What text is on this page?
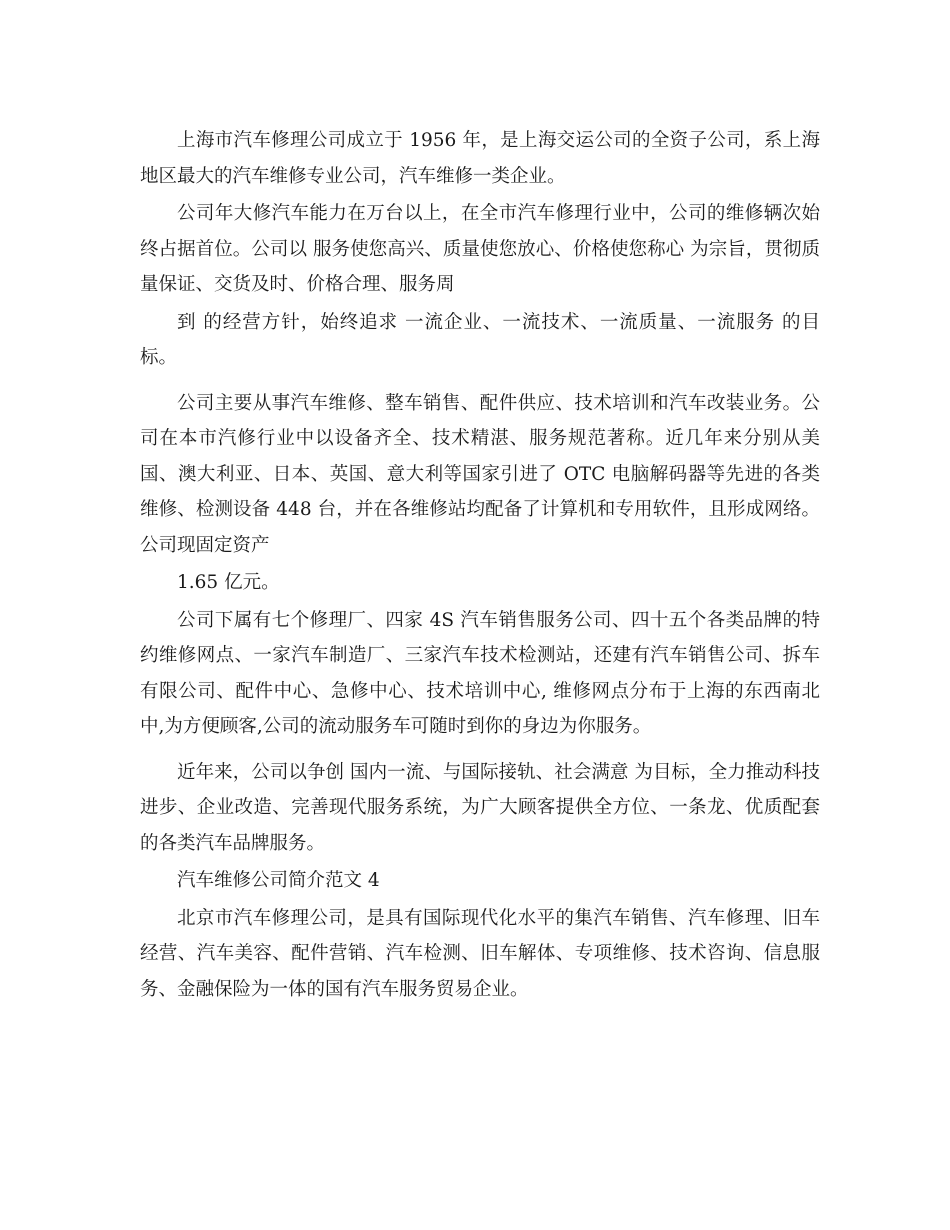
上海市汽车修理公司成立于 1956 年，是上海交运公司的全资子公司，系上海地区最大的汽车维修专业公司，汽车维修一类企业。

公司年大修汽车能力在万台以上，在全市汽车修理行业中，公司的维修辆次始终占据首位。公司以 服务使您高兴、质量使您放心、价格使您称心 为宗旨，贯彻质量保证、交货及时、价格合理、服务周

到 的经营方针，始终追求 一流企业、一流技术、一流质量、一流服务 的目标。

公司主要从事汽车维修、整车销售、配件供应、技术培训和汽车改装业务。公司在本市汽修行业中以设备齐全、技术精湛、服务规范著称。近几年来分别从美国、澳大利亚、日本、英国、意大利等国家引进了 OTC 电脑解码器等先进的各类维修、检测设备 448 台，并在各维修站均配备了计算机和专用软件，且形成网络。公司现固定资产

1.65 亿元。

公司下属有七个修理厂、四家 4S 汽车销售服务公司、四十五个各类品牌的特约维修网点、一家汽车制造厂、三家汽车技术检测站，还建有汽车销售公司、拆车有限公司、配件中心、急修中心、技术培训中心, 维修网点分布于上海的东西南北中,为方便顾客,公司的流动服务车可随时到你的身边为你服务。

近年来，公司以争创 国内一流、与国际接轨、社会满意 为目标，全力推动科技进步、企业改造、完善现代服务系统，为广大顾客提供全方位、一条龙、优质配套的各类汽车品牌服务。

汽车维修公司简介范文 4

北京市汽车修理公司，是具有国际现代化水平的集汽车销售、汽车修理、旧车经营、汽车美容、配件营销、汽车检测、旧车解体、专项维修、技术咨询、信息服务、金融保险为一体的国有汽车服务贸易企业。
